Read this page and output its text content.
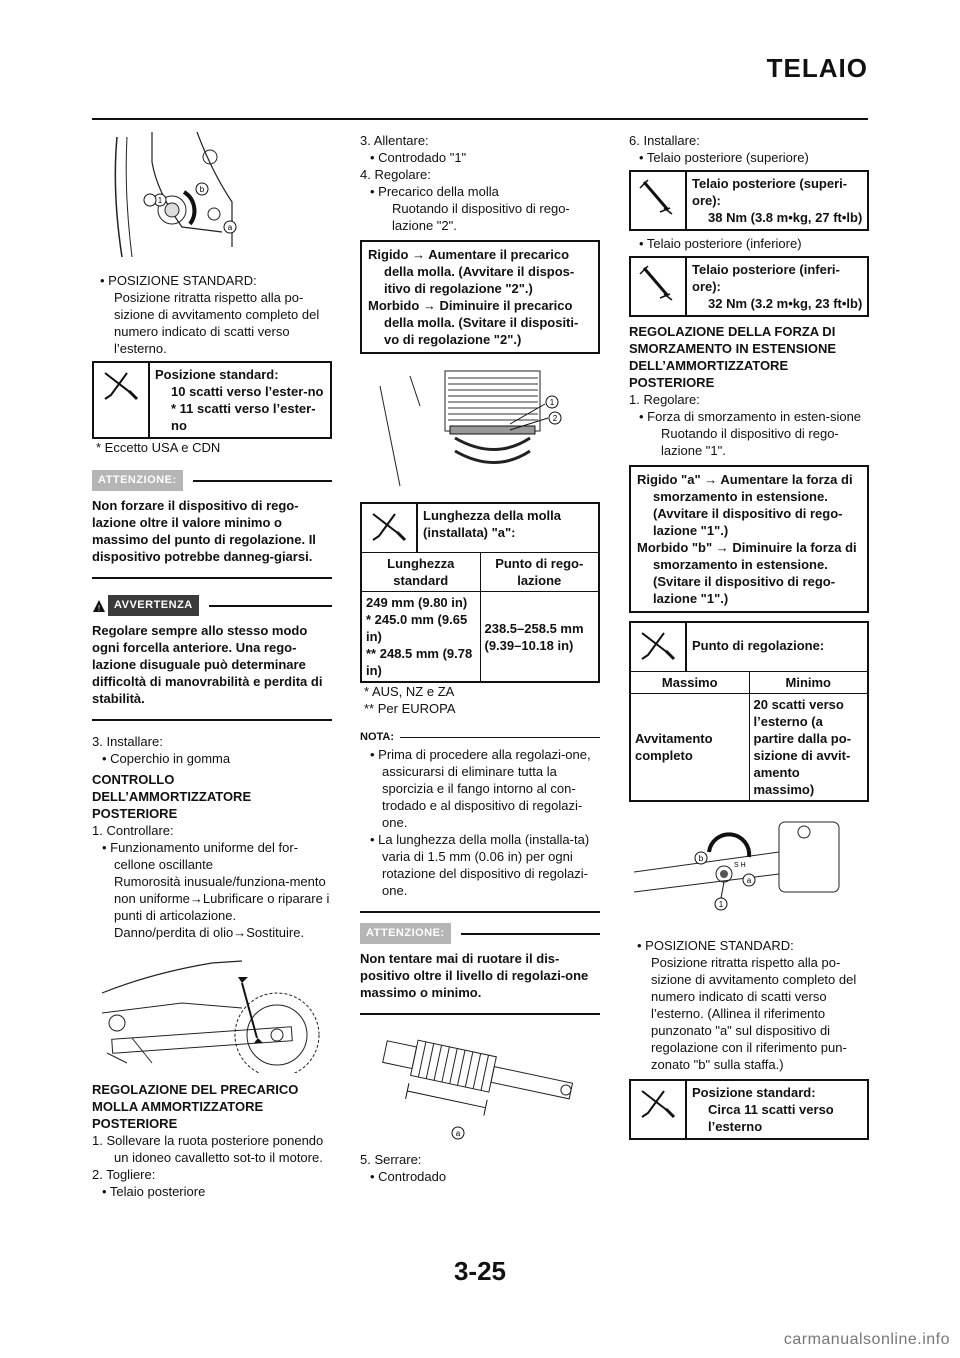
TELAIO
1
b
a
• POSIZIONE STANDARD:
Posizione ritratta rispetto alla po-sizione di avvitamento completo del numero indicato di scatti verso l’esterno.
Posizione standard:
10 scatti verso l’ester-no
* 11 scatti verso l’ester-no
* Eccetto USA e CDN
ATTENZIONE:
Non forzare il dispositivo di rego-lazione oltre il valore minimo o massimo del punto di regolazione. Il dispositivo potrebbe danneg-giarsi.
!	AVVERTENZA
Regolare sempre allo stesso modo ogni forcella anteriore. Una rego-lazione disuguale può determinare difficoltà di manovrabilità e perdita di stabilità.
3. Installare:
• Coperchio in gomma
CONTROLLO DELL’AMMORTIZZATORE POSTERIORE
1. Controllare:
• Funzionamento uniforme del for-cellone oscillante
Rumorosità inusuale/funziona-mento non uniforme→Lubrificare o riparare i punti di articolazione.
Danno/perdita di olio→Sostituire.
REGOLAZIONE DEL PRECARICO MOLLA AMMORTIZZATORE POSTERIORE
1. Sollevare la ruota posteriore ponendo un idoneo cavalletto sot-to il motore.
2. Togliere:
• Telaio posteriore
3. Allentare:
• Controdado "1"
4. Regolare:
• Precarico della molla
Ruotando il dispositivo di rego-lazione "2".
Rigido → Aumentare il precarico della molla. (Avvitare il dispos-itivo di regolazione "2".)
Morbido → Diminuire il precarico della molla. (Svitare il dispositi-vo di regolazione "2".)
1
2
Lunghezza della molla (installata) "a":
Lunghezza standard	Punto di rego-lazione
249 mm (9.80 in)
* 245.0 mm (9.65 in)
** 248.5 mm (9.78 in)	238.5–258.5 mm (9.39–10.18 in)
* AUS, NZ e ZA
** Per EUROPA
NOTA:
• Prima di procedere alla regolazi-one, assicurarsi di eliminare tutta la sporcizia e il fango intorno al con-trodado e al dispositivo di regolazi-one.
• La lunghezza della molla (installa-ta) varia di 1.5 mm (0.06 in) per ogni rotazione del dispositivo di regolazi-one.
ATTENZIONE:
Non tentare mai di ruotare il dis-positivo oltre il livello di regolazi-one massimo o minimo.
a
5. Serrare:
• Controdado
6. Installare:
• Telaio posteriore (superiore)
Telaio posteriore (superi-ore):
38 Nm (3.8 m•kg, 27 ft•lb)
• Telaio posteriore (inferiore)
Telaio posteriore (inferi-ore):
32 Nm (3.2 m•kg, 23 ft•lb)
REGOLAZIONE DELLA FORZA DI SMORZAMENTO IN ESTENSIONE DELL’AMMORTIZZATORE POSTERIORE
1. Regolare:
• Forza di smorzamento in esten-sione
Ruotando il dispositivo di rego-lazione "1".
Rigido "a" → Aumentare la forza di smorzamento in estensione. (Avvitare il dispositivo di rego-lazione "1".)
Morbido "b" → Diminuire la forza di smorzamento in estensione. (Svitare il dispositivo di rego-lazione "1".)
Punto di regolazione:
Massimo	Minimo
Avvitamento completo	20 scatti verso l’esterno (a partire dalla po-sizione di avvit-amento massimo)
S H
b
a
1
• POSIZIONE STANDARD:
Posizione ritratta rispetto alla po-sizione di avvitamento completo del numero indicato di scatti verso l’esterno. (Allinea il riferimento punzonato "a" sul dispositivo di regolazione con il riferimento pun-zonato "b" sulla staffa.)
Posizione standard:
Circa 11 scatti verso l’esterno
3-25
carmanualsonline.info
